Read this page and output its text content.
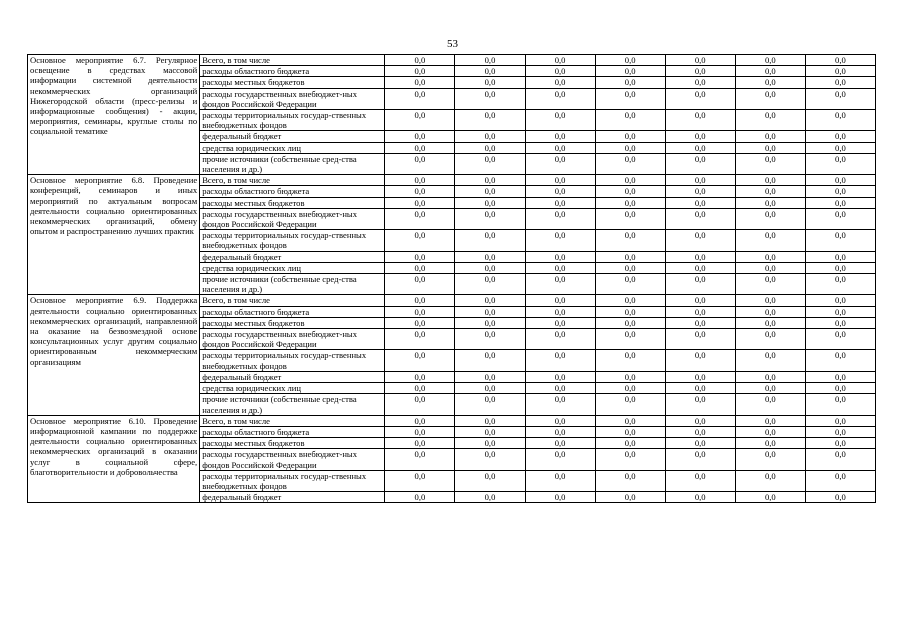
53
Основное мероприятие 6.7. Регулярное освещение в средствах массовой информации системной деятельности некоммерческих организаций Нижегородской области (пресс-релизы и информационные сообщения) - акции, мероприятия, семинары, круглые столы по социальной тематике	Всего, в том числе	0,0	0,0	0,0	0,0	0,0	0,0	0,0
	расходы областного бюджета	0,0	0,0	0,0	0,0	0,0	0,0	0,0
	расходы местных бюджетов	0,0	0,0	0,0	0,0	0,0	0,0	0,0
	расходы государственных внебюджет-ных фондов Российской Федерации	0,0	0,0	0,0	0,0	0,0	0,0	0,0
	расходы территориальных государ-ственных внебюджетных фондов	0,0	0,0	0,0	0,0	0,0	0,0	0,0
	федеральный бюджет	0,0	0,0	0,0	0,0	0,0	0,0	0,0
	средства юридических лиц	0,0	0,0	0,0	0,0	0,0	0,0	0,0
	прочие источники (собственные сред-ства населения и др.)	0,0	0,0	0,0	0,0	0,0	0,0	0,0
Основное мероприятие 6.8. Проведение конференций, семинаров и иных мероприятий по актуальным вопросам деятельности социально ориентированных некоммерческих организаций, обмену опытом и распространению лучших практик	Всего, в том числе	0,0	0,0	0,0	0,0	0,0	0,0	0,0
	расходы областного бюджета	0,0	0,0	0,0	0,0	0,0	0,0	0,0
	расходы местных бюджетов	0,0	0,0	0,0	0,0	0,0	0,0	0,0
	расходы государственных внебюджет-ных фондов Российской Федерации	0,0	0,0	0,0	0,0	0,0	0,0	0,0
	расходы территориальных государ-ственных внебюджетных фондов	0,0	0,0	0,0	0,0	0,0	0,0	0,0
	федеральный бюджет	0,0	0,0	0,0	0,0	0,0	0,0	0,0
	средства юридических лиц	0,0	0,0	0,0	0,0	0,0	0,0	0,0
	прочие источники (собственные сред-ства населения и др.)	0,0	0,0	0,0	0,0	0,0	0,0	0,0
Основное мероприятие 6.9. Поддержка деятельности социально ориентированных некоммерческих организаций, направленной на оказание на безвозмездной основе консультационных услуг другим социально ориентированным некоммерческим организациям	Всего, в том числе	0,0	0,0	0,0	0,0	0,0	0,0	0,0
	расходы областного бюджета	0,0	0,0	0,0	0,0	0,0	0,0	0,0
	расходы местных бюджетов	0,0	0,0	0,0	0,0	0,0	0,0	0,0
	расходы государственных внебюджет-ных фондов Российской Федерации	0,0	0,0	0,0	0,0	0,0	0,0	0,0
	расходы территориальных государ-ственных внебюджетных фондов	0,0	0,0	0,0	0,0	0,0	0,0	0,0
	федеральный бюджет	0,0	0,0	0,0	0,0	0,0	0,0	0,0
	средства юридических лиц	0,0	0,0	0,0	0,0	0,0	0,0	0,0
	прочие источники (собственные сред-ства населения и др.)	0,0	0,0	0,0	0,0	0,0	0,0	0,0
Основное мероприятие 6.10. Проведение информационной кампании по поддержке деятельности социально ориентированных некоммерческих организаций в оказании услуг в социальной сфере, благотворительности и добровольчества	Всего, в том числе	0,0	0,0	0,0	0,0	0,0	0,0	0,0
	расходы областного бюджета	0,0	0,0	0,0	0,0	0,0	0,0	0,0
	расходы местных бюджетов	0,0	0,0	0,0	0,0	0,0	0,0	0,0
	расходы государственных внебюджет-ных фондов Российской Федерации	0,0	0,0	0,0	0,0	0,0	0,0	0,0
	расходы территориальных государ-ственных внебюджетных фондов	0,0	0,0	0,0	0,0	0,0	0,0	0,0
	федеральный бюджет	0,0	0,0	0,0	0,0	0,0	0,0	0,0
